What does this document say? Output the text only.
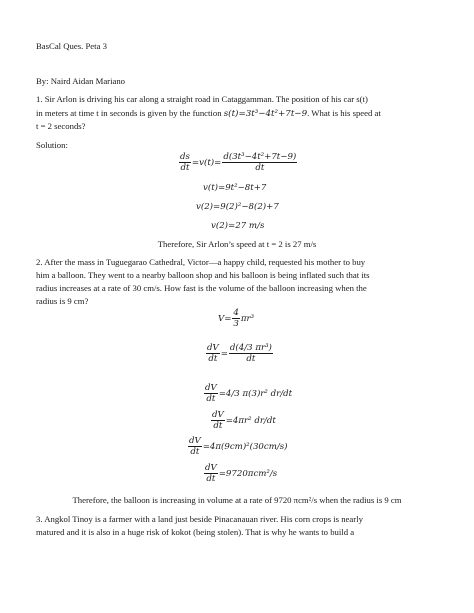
BasCal Ques. Peta 3
By: Naird Aidan Mariano
1. Sir Arlon is driving his car along a straight road in Cataggamman. The position of his car s(t)
in meters at time t in seconds is given by the function s(t)=3t³−4t²+7t−9. What is his speed at
t = 2 seconds?
Solution:
$\frac{ds}{dt} =v(t)= \frac{\text{d(3t³−4t²+7t−9)}}{dt}$
v(t)=9t²−8t+7
v(2)=9(2)²−8(2)+7
v(2)=27 m/s
Therefore, Sir Arlon’s speed at t = 2 is 27 m/s
2. After the mass in Tuguegarao Cathedral, Victor—a happy child, requested his mother to buy
him a balloon. They went to a nearby balloon shop and his balloon is being inflated such that its
radius increases at a rate of 30 cm/s. How fast is the volume of the balloon increasing when the
radius is 9 cm?
$V= \frac{4}{3} \pi r^3$
$\frac{dV}{dt} = \frac{\text{d(4/3 πr³)}}{dt}$
$\frac{dV}{dt} =4/3$ π(3)r² dr/dt
$\frac{dV}{dt} =4\pi r^2$ dr/dt
$\frac{dV}{dt} =4\pi(9cm)^2(30cm/s)$
$\frac{dV}{dt} =9720\pi cm^2/s$
Therefore, the balloon is increasing in volume at a rate of 9720 πcm²/s when the radius is 9 cm
3. Angkol Tinoy is a farmer with a land just beside Pinacanauan river. His corn crops is nearly
matured and it is also in a huge risk of kokot (being stolen). That is why he wants to build a
